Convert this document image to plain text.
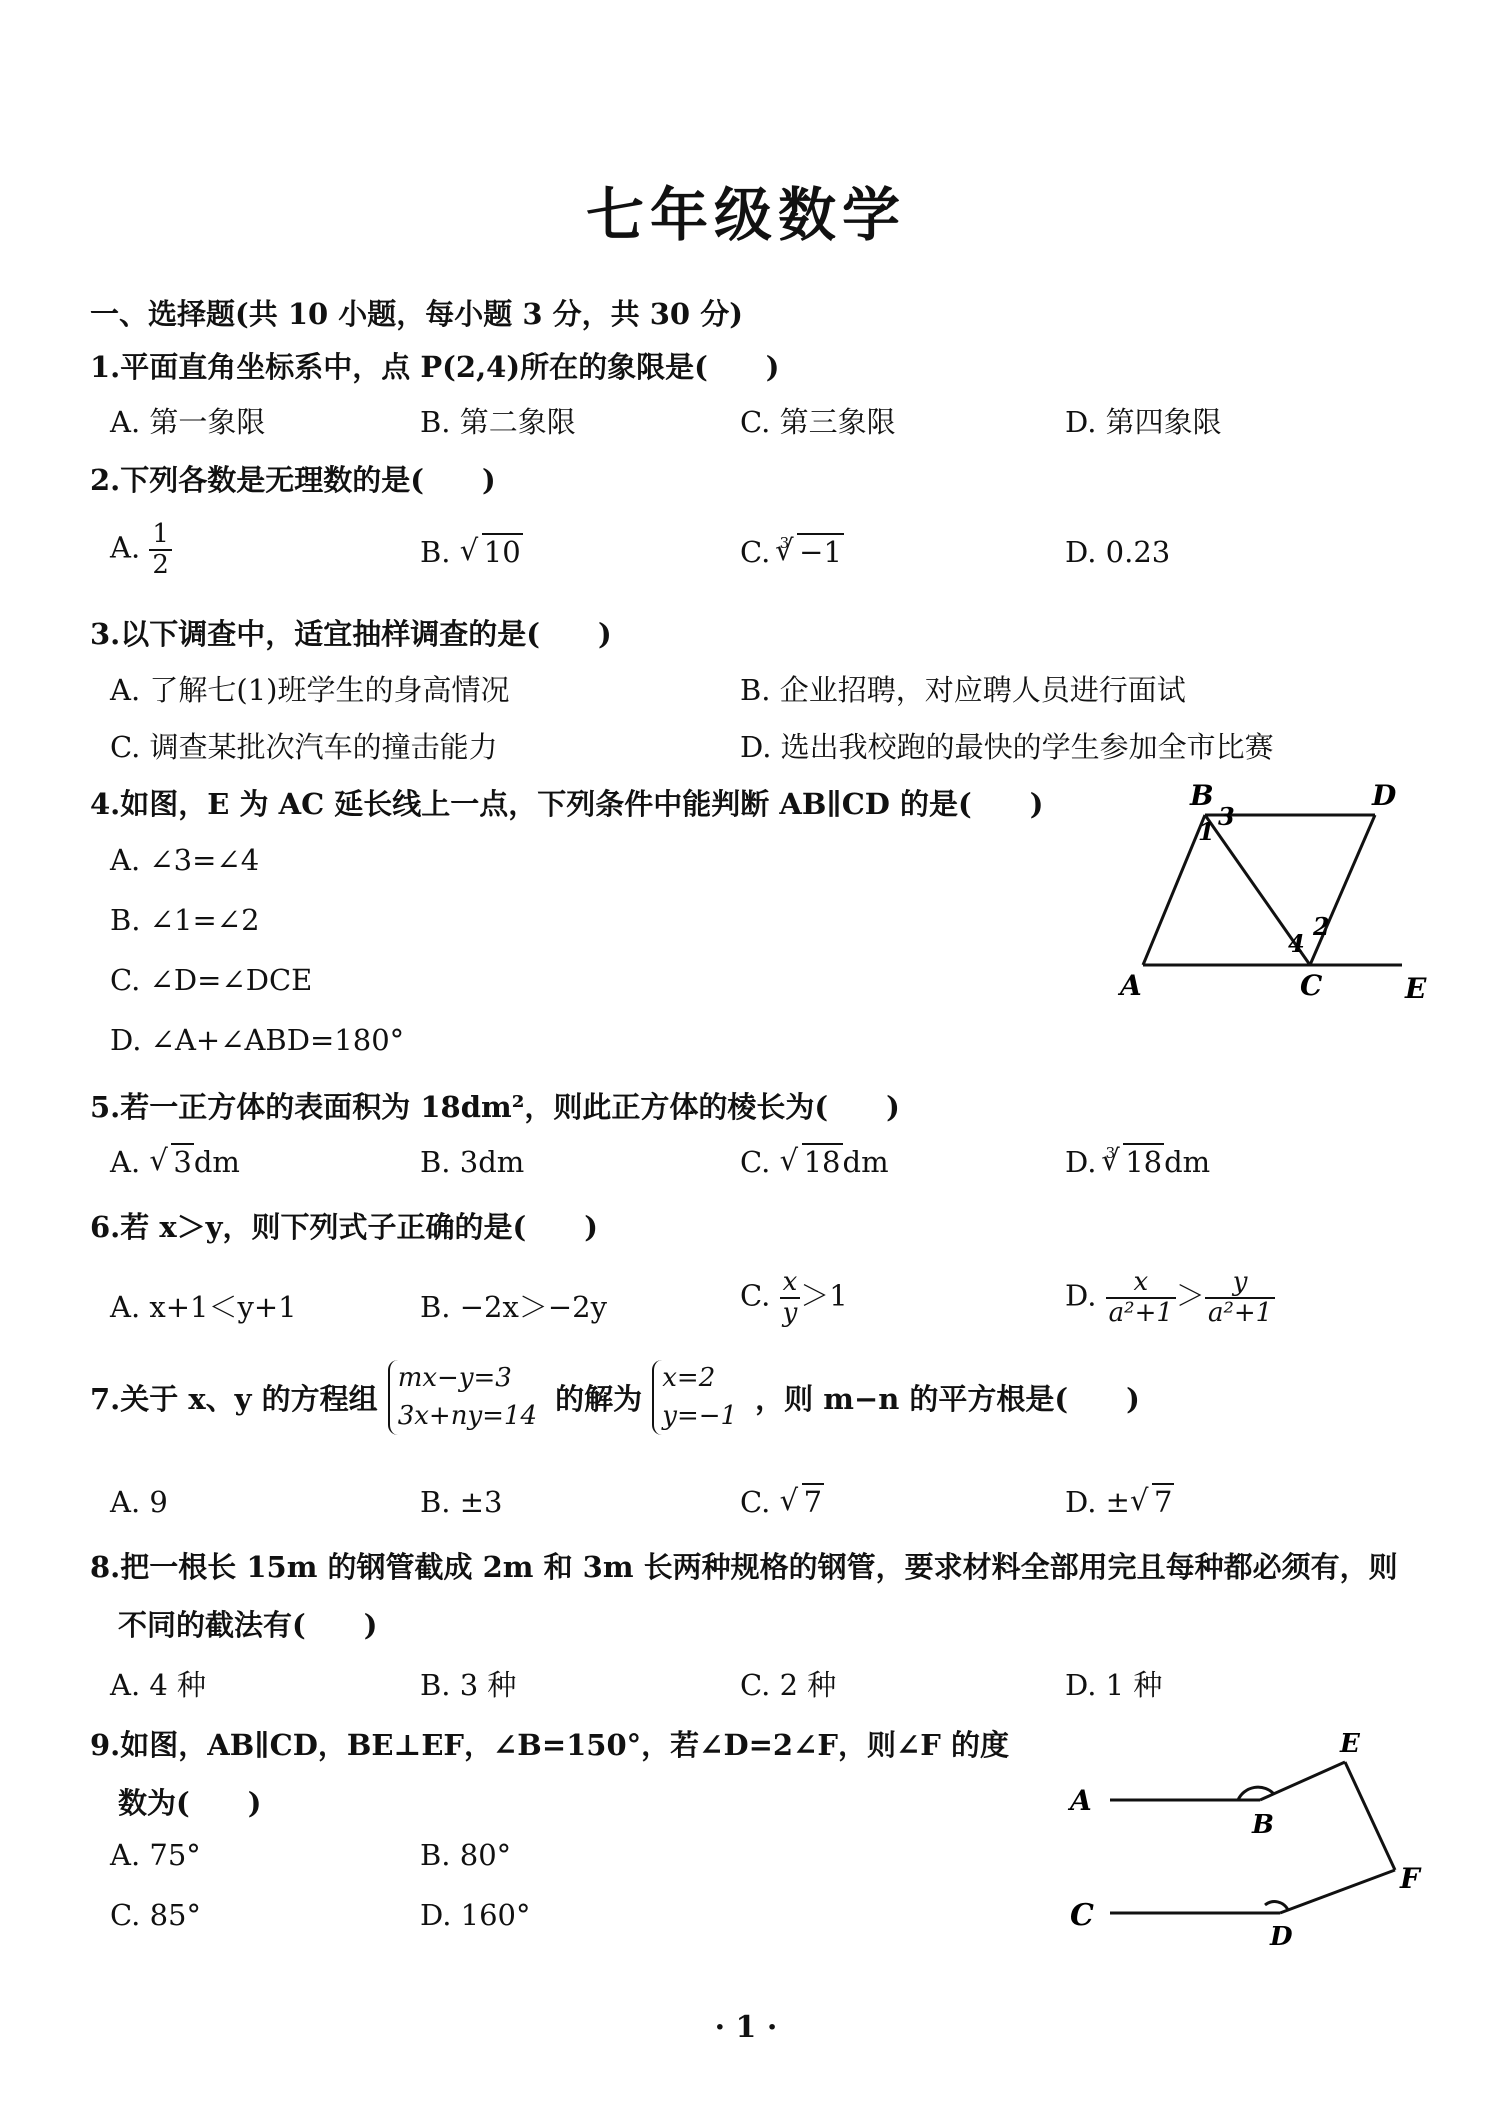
七年级数学
一、选择题(共 10 小题，每小题 3 分，共 30 分)
1.平面直角坐标系中，点 P(2,4)所在的象限是(　　)
A. 第一象限	B. 第二象限	C. 第三象限	D. 第四象限
2.下列各数是无理数的是(　　)
A. $\frac{1}{2}$	B. √ 10	C. $^3$ √ −1	D. 0.23
3.以下调查中，适宜抽样调查的是(　　)
A. 了解七(1)班学生的身高情况	B. 企业招聘，对应聘人员进行面试
C. 调查某批次汽车的撞击能力	D. 选出我校跑的最快的学生参加全市比赛
4.如图，E 为 AC 延长线上一点，下列条件中能判断 AB∥CD 的是(　　)
A. ∠3=∠4
B. ∠1=∠2
C. ∠D=∠DCE
D. ∠A+∠ABD=180°
B	D
A	C	E
1
3
2
4
5.若一正方体的表面积为 18dm²，则此正方体的棱长为(　　)
A. √ 3dm	B. 3dm	C. √ 18dm	D. $^3$ √ 18dm
6.若 x＞y，则下列式子正确的是(　　)
A. x+1＜y+1	B. −2x＞−2y	C. $\frac{x}{y} >1$	D. $\frac{x}{\text{a²+1}} > \frac{y}{\text{a²+1}}$
7.关于 x、y 的方程组 mx−y=3
3x+ny=14 的解为 x=2
y=−1 ，则 m−n 的平方根是(　　)
A. 9	B. ±3	C. √ 7	D. ± √ 7
8.把一根长 15m 的钢管截成 2m 和 3m 长两种规格的钢管，要求材料全部用完且每种都必须有，则
不同的截法有(　　)
A. 4 种	B. 3 种	C. 2 种	D. 1 种
9.如图，AB∥CD，BE⊥EF，∠B=150°，若∠D=2∠F，则∠F 的度
数为(　　)
A. 75°	B. 80°
C. 85°	D. 160°
A
B
C
D
E
F
· 1 ·
